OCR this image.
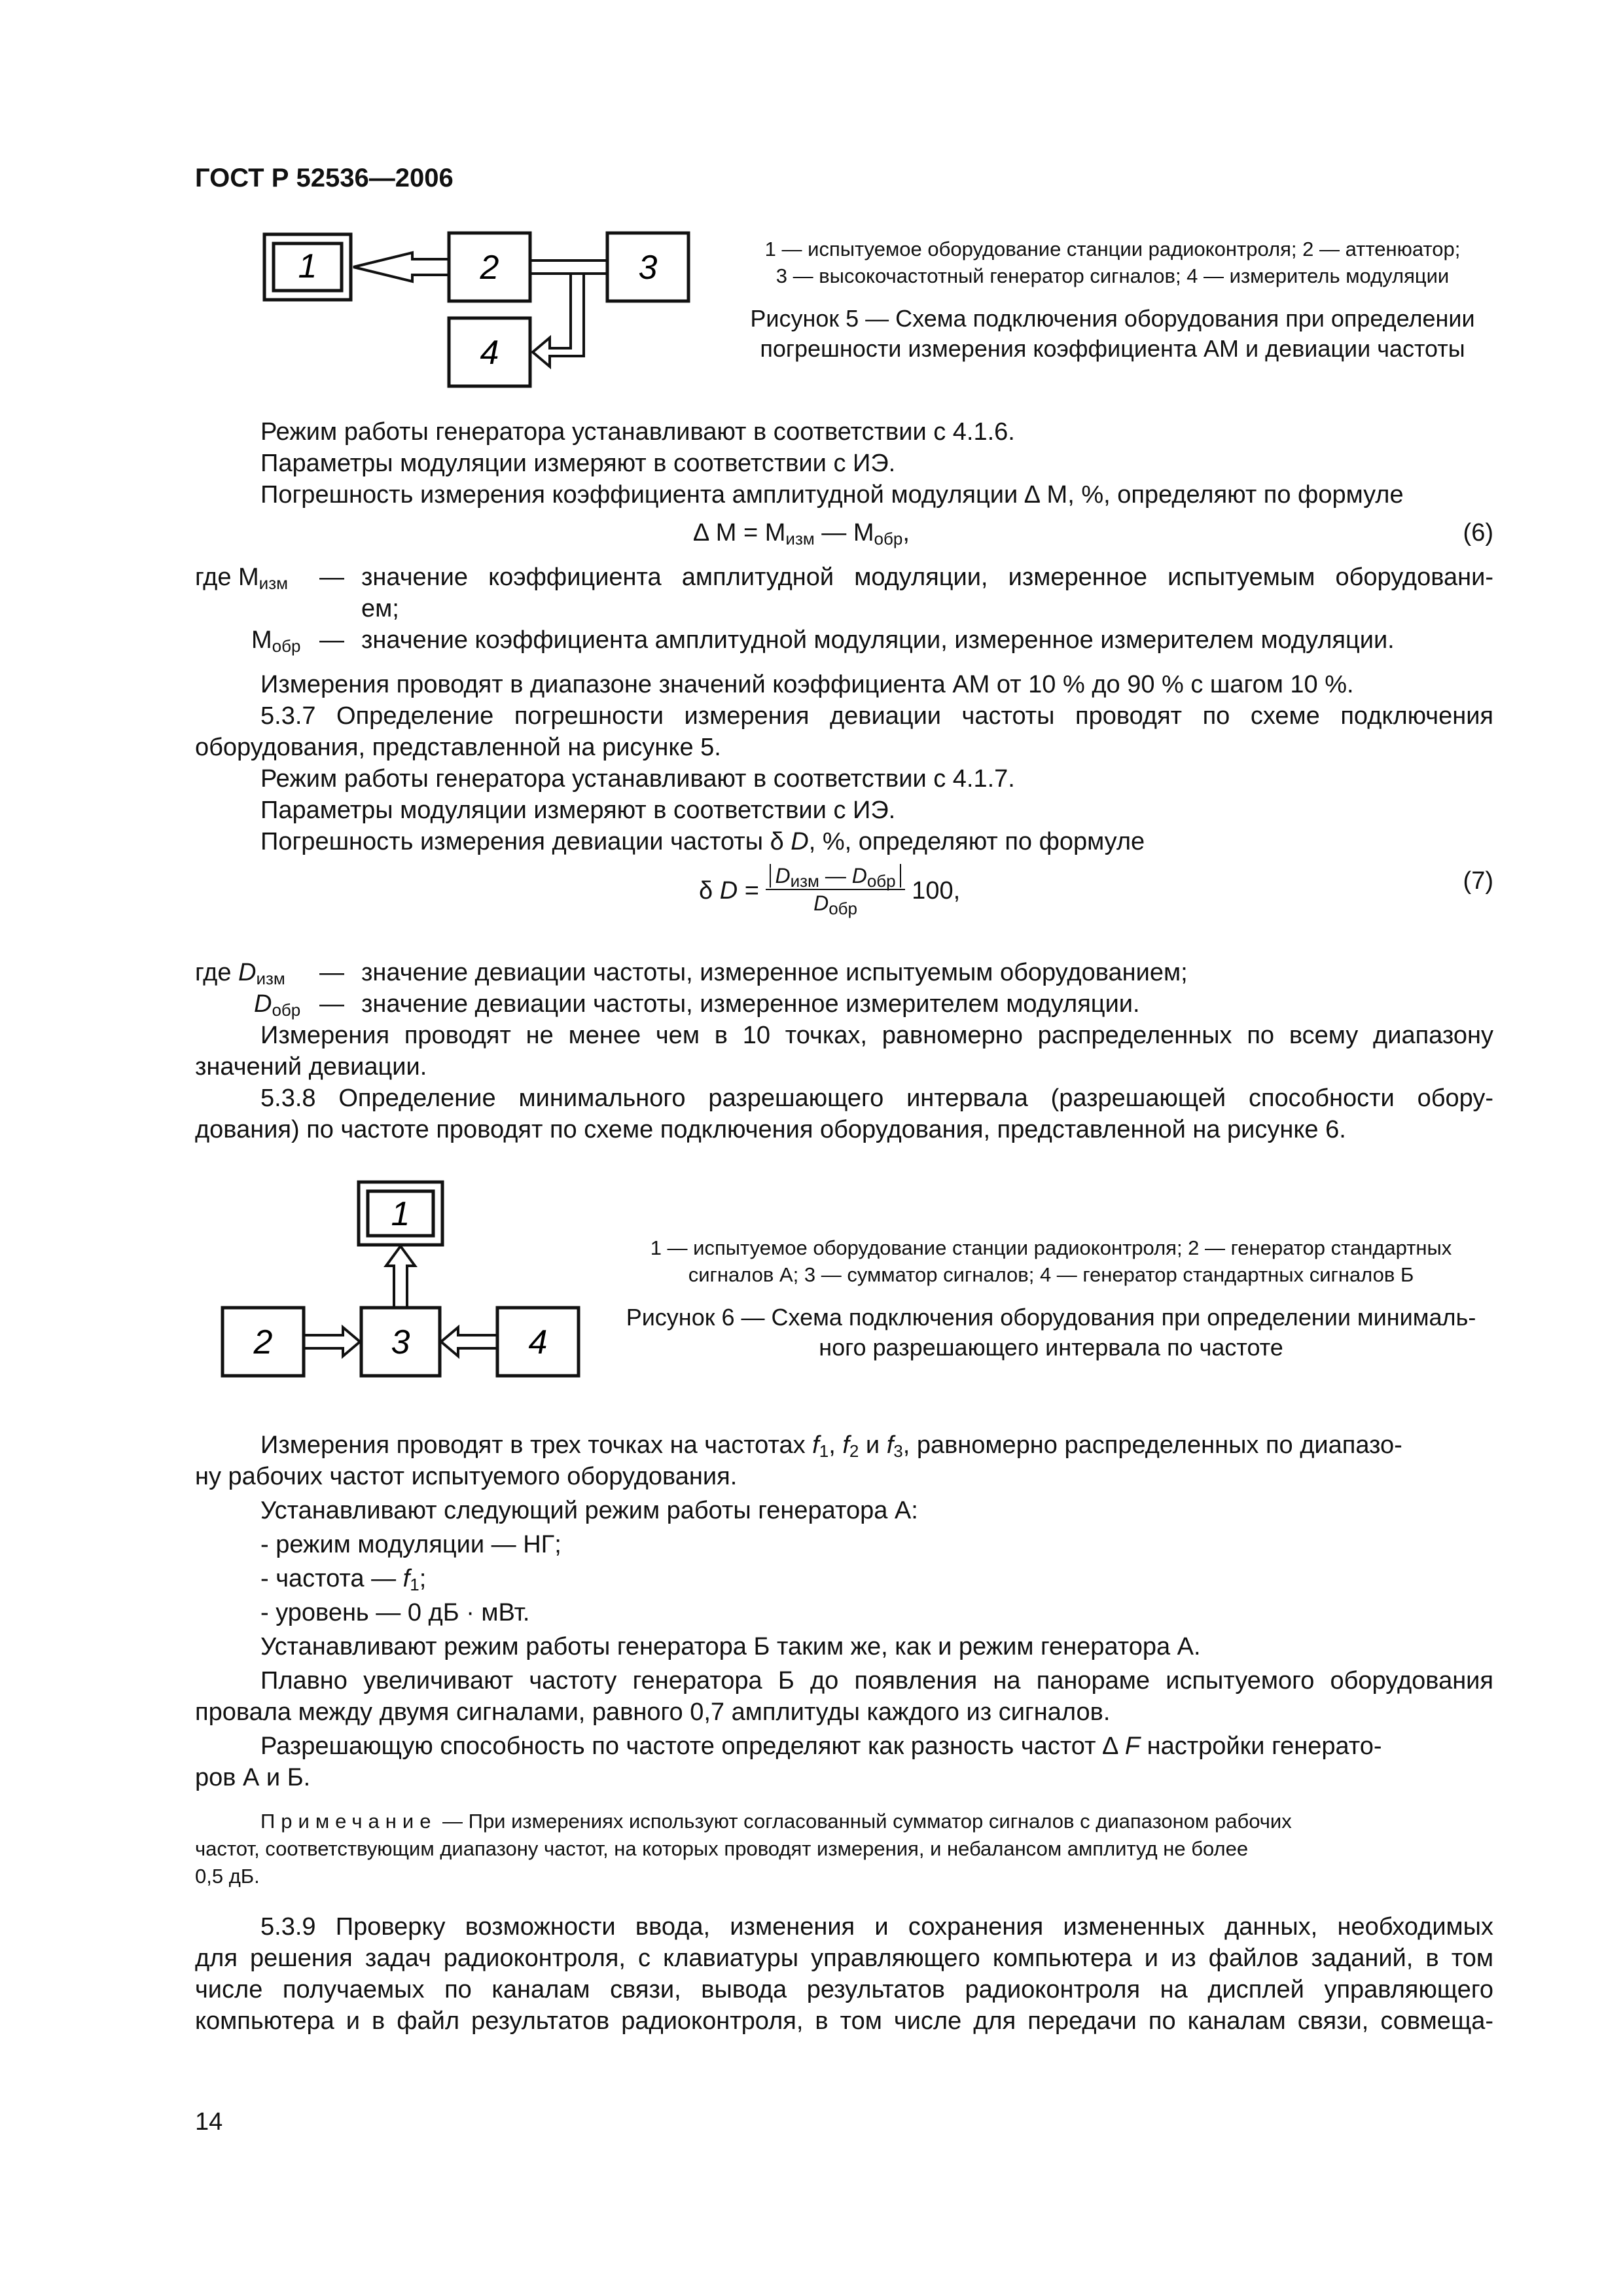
ГОСТ Р 52536—2006
1	2	3
4
1 — испытуемое оборудование станции радиоконтроля; 2 — аттенюатор;
3 — высокочастотный генератор сигналов; 4 — измеритель модуляции
Рисунок 5 — Схема подключения оборудования при определении
погрешности измерения коэффициента АМ и девиации частоты
Режим работы генератора устанавливают в соответствии с 4.1.6.
Параметры модуляции измеряют в соответствии с ИЭ.
Погрешность измерения коэффициента амплитудной модуляции ∆ М, %, определяют по формуле
∆ $М = М_{изм}$ — $М_{обр}$,	(6)
где $М_{изм}$	— значение коэффициента амплитудной модуляции, измеренное испытуемым оборудовани-
ем;
$М_{обр}$ — значение коэффициента амплитудной модуляции, измеренное измерителем модуляции.
Измерения проводят в диапазоне значений коэффициента АМ от 10 % до 90 % с шагом 10 %.
5.3.7 Определение погрешности измерения девиации частоты проводят по схеме подключения
оборудования, представленной на рисунке 5.
Режим работы генератора устанавливают в соответствии с 4.1.7.
Параметры модуляции измеряют в соответствии с ИЭ.
Погрешность измерения девиации частоты δ D, %, определяют по формуле
δ $D = \frac{D_{изм} — D_{обр}}{D_{обр}} 100$,	(7)
где $D_{изм}$	— значение девиации частоты, измеренное испытуемым оборудованием;
$D_{обр}$ — значение девиации частоты, измеренное измерителем модуляции.
Измерения проводят не менее чем в 10 точках, равномерно распределенных по всему диапазону
значений девиации.
5.3.8 Определение минимального разрешающего интервала (разрешающей способности обору-
дования) по частоте проводят по схеме подключения оборудования, представленной на рисунке 6.
1
2	3	4
1 — испытуемое оборудование станции радиоконтроля; 2 — генератор стандартных
сигналов А; 3 — сумматор сигналов; 4 — генератор стандартных сигналов Б
Рисунок 6 — Схема подключения оборудования при определении минималь-
ного разрешающего интервала по частоте
Измерения проводят в трех точках на частотах $f_1$, $f_2$ и $f_3$, равномерно распределенных по диапазо-
ну рабочих частот испытуемого оборудования.
Устанавливают следующий режим работы генератора А:
- режим модуляции — НГ;
- частота — $f_1$;
- уровень — 0 дБ · мВт.
Устанавливают режим работы генератора Б таким же, как и режим генератора А.
Плавно увеличивают частоту генератора Б до появления на панораме испытуемого оборудования
провала между двумя сигналами, равного 0,7 амплитуды каждого из сигналов.
Разрешающую способность по частоте определяют как разность частот ∆ F настройки генерато-
ров А и Б.
Примечание — При измерениях используют согласованный сумматор сигналов с диапазоном рабочих
частот, соответствующим диапазону частот, на которых проводят измерения, и небалансом амплитуд не более
0,5 дБ.
5.3.9 Проверку возможности ввода, изменения и сохранения измененных данных, необходимых
для решения задач радиоконтроля, с клавиатуры управляющего компьютера и из файлов заданий, в том
числе получаемых по каналам связи, вывода результатов радиоконтроля на дисплей управляющего
компьютера и в файл результатов радиоконтроля, в том числе для передачи по каналам связи, совмеща-
14
